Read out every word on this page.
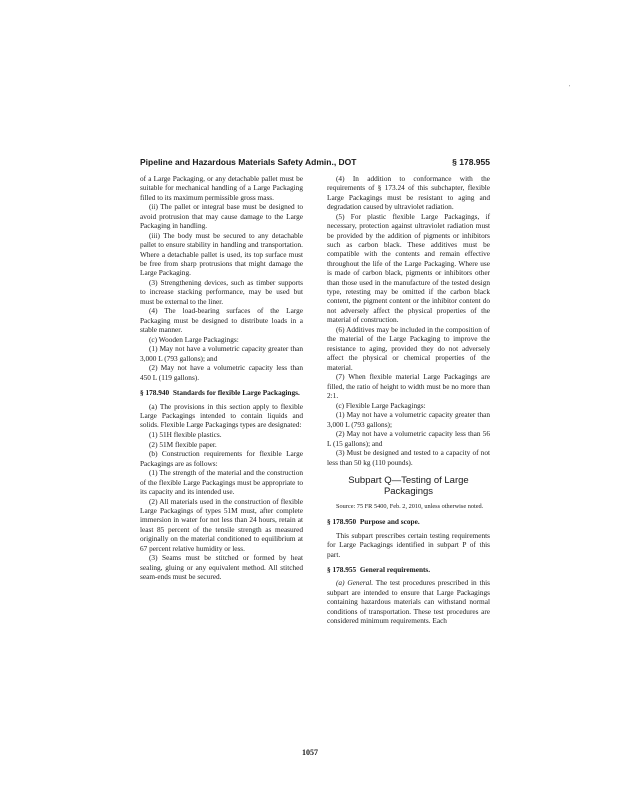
'
Pipeline and Hazardous Materials Safety Admin., DOT	§ 178.955

of a Large Packaging, or any detachable pallet must be suitable for mechanical handling of a Large Packaging filled to its maximum permissible gross mass.

(ii) The pallet or integral base must be designed to avoid protrusion that may cause damage to the Large Packaging in handling.

(iii) The body must be secured to any detachable pallet to ensure stability in handling and transportation. Where a detachable pallet is used, its top surface must be free from sharp protrusions that might damage the Large Packaging.

(3) Strengthening devices, such as timber supports to increase stacking performance, may be used but must be external to the liner.

(4) The load-bearing surfaces of the Large Packaging must be designed to distribute loads in a stable manner.

(c) Wooden Large Packagings:

(1) May not have a volumetric capacity greater than 3,000 L (793 gallons); and

(2) May not have a volumetric capacity less than 450 L (119 gallons).

§ 178.940 Standards for flexible Large Packagings.

(a) The provisions in this section apply to flexible Large Packagings intended to contain liquids and solids. Flexible Large Packagings types are designated:

(1) 51H flexible plastics.

(2) 51M flexible paper.

(b) Construction requirements for flexible Large Packagings are as follows:

(1) The strength of the material and the construction of the flexible Large Packagings must be appropriate to its capacity and its intended use.

(2) All materials used in the construction of flexible Large Packagings of types 51M must, after complete immersion in water for not less than 24 hours, retain at least 85 percent of the tensile strength as measured originally on the material conditioned to equilibrium at 67 percent relative humidity or less.

(3) Seams must be stitched or formed by heat sealing, gluing or any equivalent method. All stitched seam-ends must be secured.

(4) In addition to conformance with the requirements of § 173.24 of this subchapter, flexible Large Packagings must be resistant to aging and degradation caused by ultraviolet radiation.

(5) For plastic flexible Large Packagings, if necessary, protection against ultraviolet radiation must be provided by the addition of pigments or inhibitors such as carbon black. These additives must be compatible with the contents and remain effective throughout the life of the Large Packaging. Where use is made of carbon black, pigments or inhibitors other than those used in the manufacture of the tested design type, retesting may be omitted if the carbon black content, the pigment content or the inhibitor content do not adversely affect the physical properties of the material of construction.

(6) Additives may be included in the composition of the material of the Large Packaging to improve the resistance to aging, provided they do not adversely affect the physical or chemical properties of the material.

(7) When flexible material Large Packagings are filled, the ratio of height to width must be no more than 2:1.

(c) Flexible Large Packagings:

(1) May not have a volumetric capacity greater than 3,000 L (793 gallons);

(2) May not have a volumetric capacity less than 56 L (15 gallons); and

(3) Must be designed and tested to a capacity of not less than 50 kg (110 pounds).

Subpart Q—Testing of Large
Packagings

Source: 75 FR 5400, Feb. 2, 2010, unless otherwise noted.

§ 178.950 Purpose and scope.

This subpart prescribes certain testing requirements for Large Packagings identified in subpart P of this part.

§ 178.955 General requirements.

(a) General. The test procedures prescribed in this subpart are intended to ensure that Large Packagings containing hazardous materials can withstand normal conditions of transportation. These test procedures are considered minimum requirements. Each

1057
